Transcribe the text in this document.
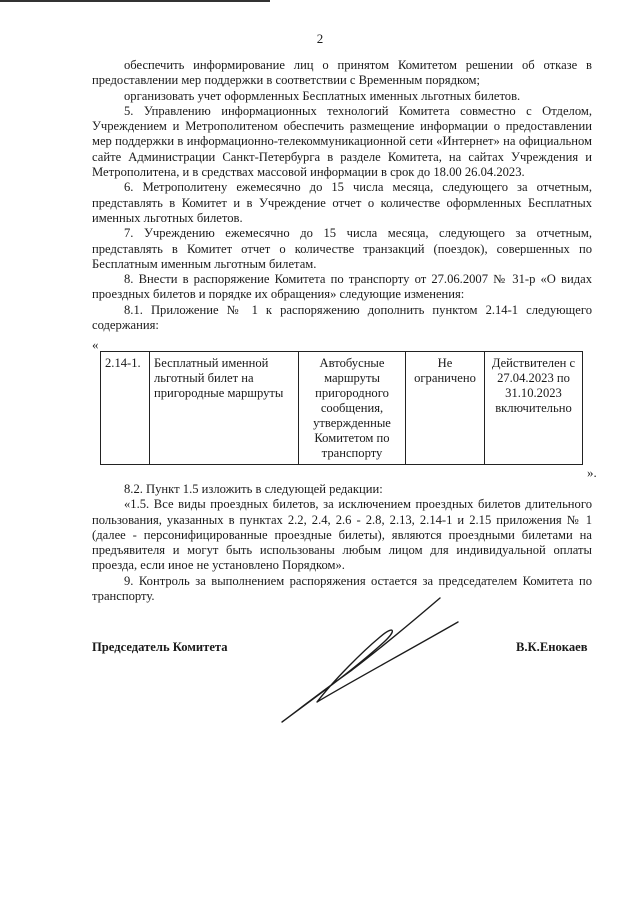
2

обеспечить информирование лиц о принятом Комитетом решении об отказе в предоставлении мер поддержки в соответствии с Временным порядком;

организовать учет оформленных Бесплатных именных льготных билетов.

5. Управлению информационных технологий Комитета совместно с Отделом, Учреждением и Метрополитеном обеспечить размещение информации о предоставлении мер поддержки в информационно-телекоммуникационной сети «Интернет» на официальном сайте Администрации Санкт-Петербурга в разделе Комитета, на сайтах Учреждения и Метрополитена, и в средствах массовой информации в срок до 18.00 26.04.2023.

6. Метрополитену ежемесячно до 15 числа месяца, следующего за отчетным, представлять в Комитет и в Учреждение отчет о количестве оформленных Бесплатных именных льготных билетов.

7. Учреждению ежемесячно до 15 числа месяца, следующего за отчетным, представлять в Комитет отчет о количестве транзакций (поездок), совершенных по Бесплатным именным льготным билетам.

8. Внести в распоряжение Комитета по транспорту от 27.06.2007 № 31-р «О видах проездных билетов и порядке их обращения» следующие изменения:

8.1. Приложение № 1 к распоряжению дополнить пунктом 2.14-1 следующего содержания:

«
2.14-1.	Бесплатный именной льготный билет на пригородные маршруты	Автобусные маршруты пригородного сообщения, утвержденные Комитетом по транспорту	Не ограничено	Действителен с 27.04.2023 по 31.10.2023 включительно
».

8.2. Пункт 1.5 изложить в следующей редакции:

«1.5. Все виды проездных билетов, за исключением проездных билетов длительного пользования, указанных в пунктах 2.2, 2.4, 2.6 - 2.8, 2.13, 2.14-1 и 2.15 приложения № 1 (далее - персонифицированные проездные билеты), являются проездными билетами на предъявителя и могут быть использованы любым лицом для индивидуальной оплаты проезда, если иное не установлено Порядком».

9. Контроль за выполнением распоряжения остается за председателем Комитета по транспорту.

Председатель Комитета	В.К.Енокаев
